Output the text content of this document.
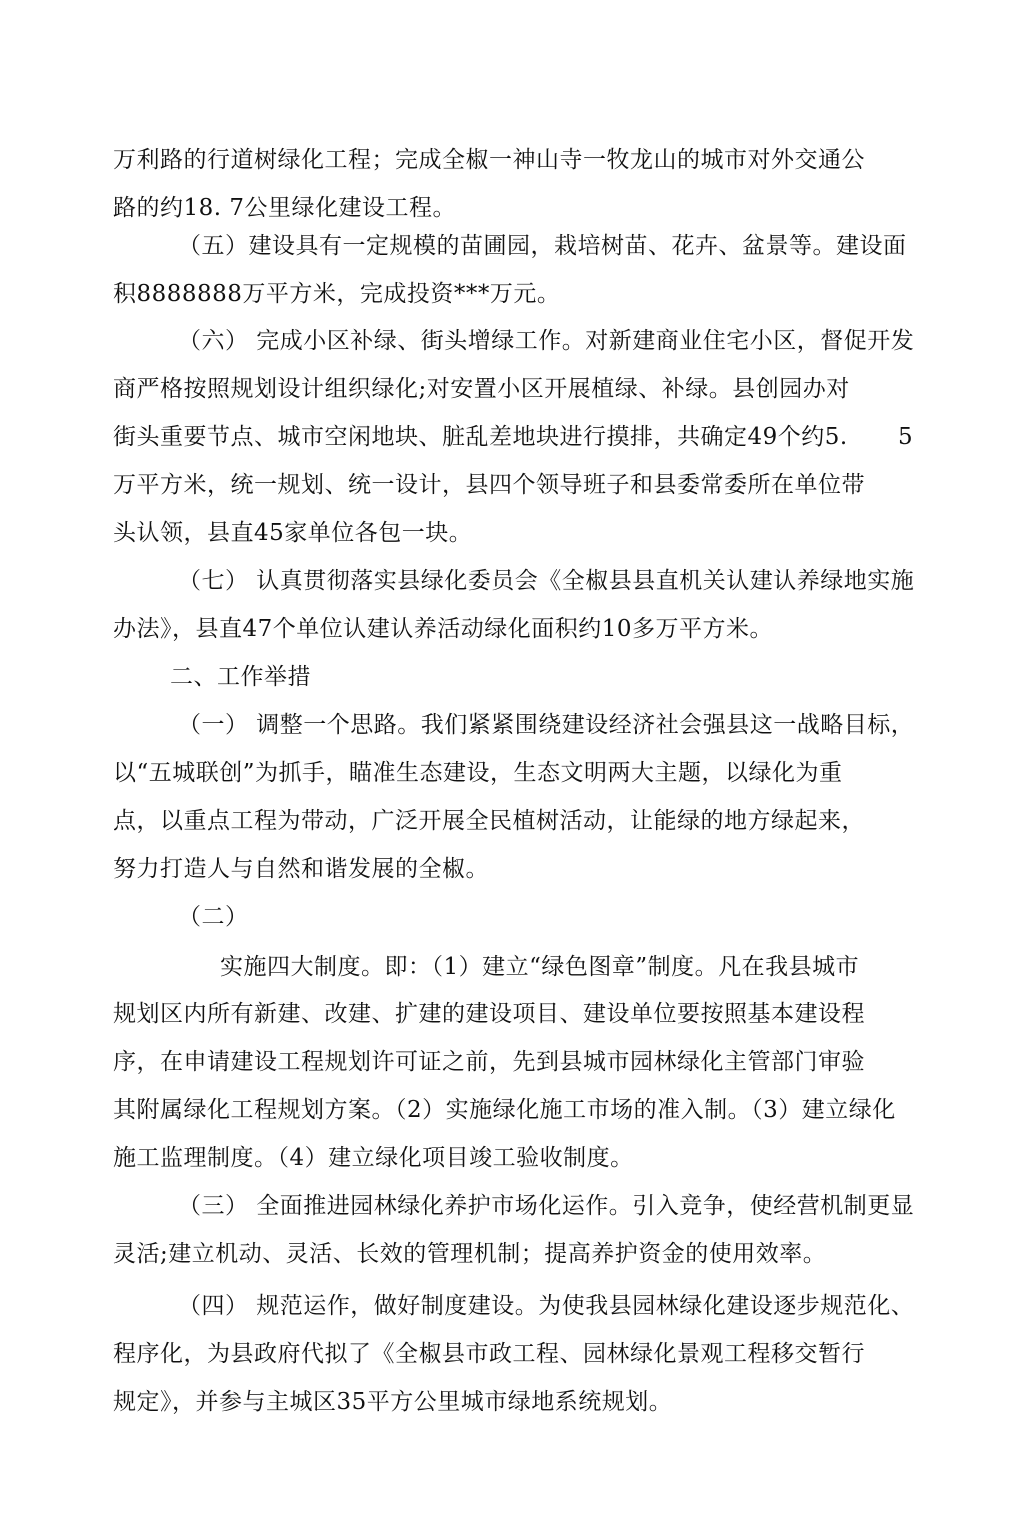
万利路的行道树绿化工程；完成全椒一神山寺一牧龙山的城市对外交通公
路的约18. 7公里绿化建设工程。
（五）建设具有一定规模的苗圃园，栽培树苗、花卉、盆景等。建设面
积8888888万平方米，完成投资***万元。
（六） 完成小区补绿、街头增绿工作。对新建商业住宅小区，督促开发
商严格按照规划设计组织绿化;对安置小区开展植绿、补绿。县创园办对
街头重要节点、城市空闲地块、脏乱差地块进行摸排，共确定49个约5. 5
万平方米，统一规划、统一设计，县四个领导班子和县委常委所在单位带
头认领，县直45家单位各包一块。
（七） 认真贯彻落实县绿化委员会《全椒县县直机关认建认养绿地实施
办法》，县直47个单位认建认养活动绿化面积约10多万平方米。
二、工作举措
（一） 调整一个思路。我们紧紧围绕建设经济社会强县这一战略目标，
以“五城联创”为抓手，瞄准生态建设，生态文明两大主题，以绿化为重
点，以重点工程为带动，广泛开展全民植树活动，让能绿的地方绿起来，
努力打造人与自然和谐发展的全椒。
（二）
实施四大制度。即：（1）建立“绿色图章”制度。凡在我县城市
规划区内所有新建、改建、扩建的建设项目、建设单位要按照基本建设程
序，在申请建设工程规划许可证之前，先到县城市园林绿化主管部门审验
其附属绿化工程规划方案。（2）实施绿化施工市场的准入制。（3）建立绿化
施工监理制度。（4）建立绿化项目竣工验收制度。
（三） 全面推进园林绿化养护市场化运作。引入竞争，使经营机制更显
灵活;建立机动、灵活、长效的管理机制；提高养护资金的使用效率。
（四） 规范运作，做好制度建设。为使我县园林绿化建设逐步规范化、
程序化，为县政府代拟了《全椒县市政工程、园林绿化景观工程移交暂行
规定》，并参与主城区35平方公里城市绿地系统规划。
